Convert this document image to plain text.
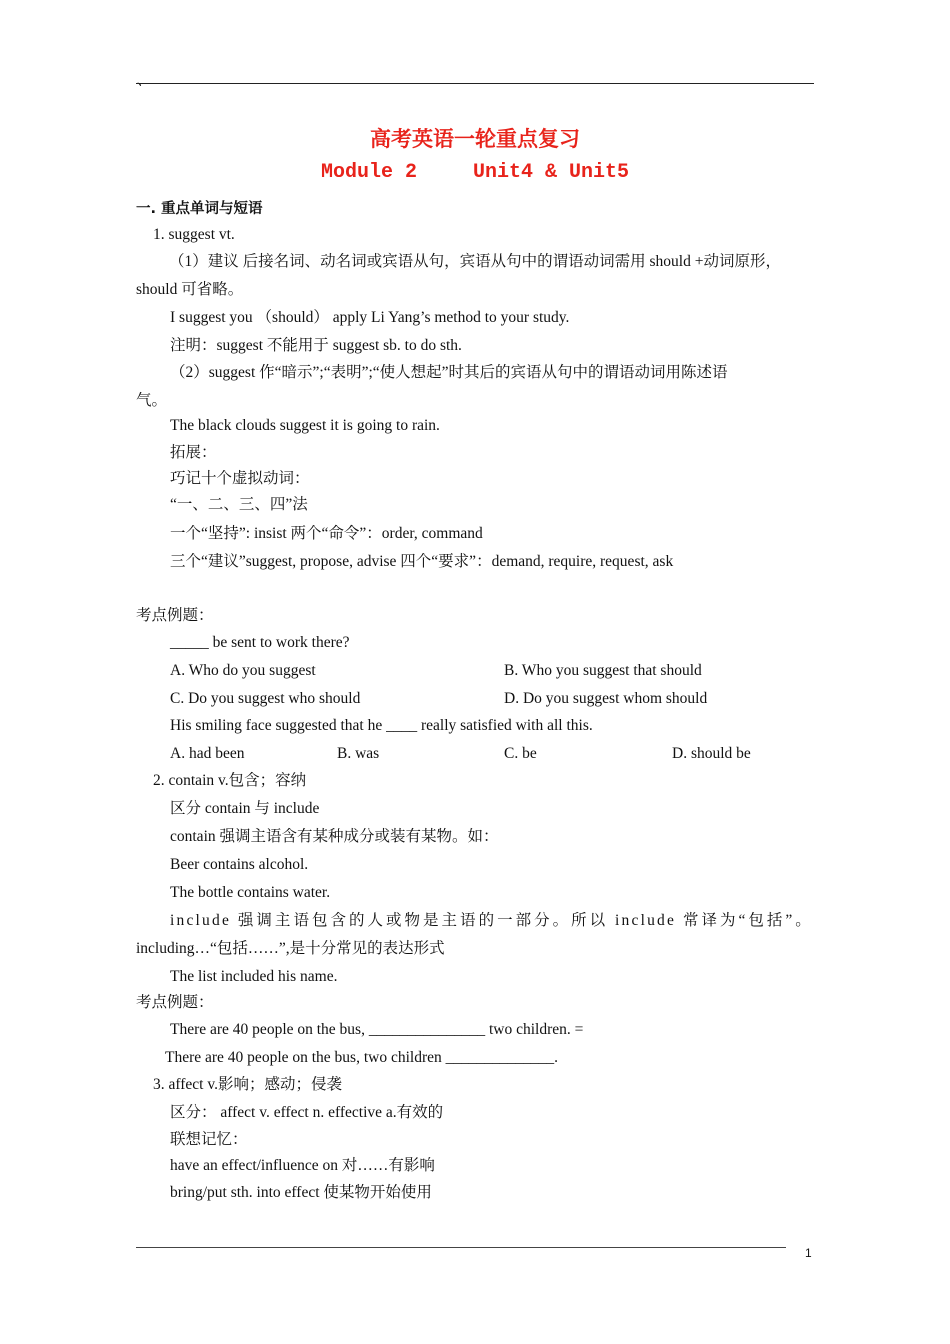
、
高考英语一轮重点复习
Module 2	Unit4 & Unit5
一. 重点单词与短语
1. suggest vt.
（1）建议 后接名词、动名词或宾语从句，宾语从句中的谓语动词需用 should +动词原形，
should 可省略。
I suggest you （should） apply Li Yang’s method to your study.
注明：suggest 不能用于 suggest sb. to do sth.
（2）suggest 作“暗示”;“表明”;“使人想起”时其后的宾语从句中的谓语动词用陈述语
气。
The black clouds suggest it is going to rain.
拓展：
巧记十个虚拟动词：
“一、二、三、四”法
一个“坚持”: insist 两个“命令”：order, command
三个“建议”suggest, propose, advise 四个“要求”：demand, require, request, ask
考点例题：
_____ be sent to work there?
A. Who do you suggest	B. Who you suggest that should
C. Do you suggest who should	D. Do you suggest whom should
His smiling face suggested that he ____ really satisfied with all this.
A. had been	B. was	C. be	D. should be
2. contain v.包含；容纳
区分 contain 与 include
contain 强调主语含有某种成分或装有某物。如：
Beer contains alcohol.
The bottle contains water.
include 强调主语包含的人或物是主语的一部分。所以 include 常译为“包括”。
including…“包括……”,是十分常见的表达形式
The list included his name.
考点例题：
There are 40 people on the bus, _______________ two children. =
There are 40 people on the bus, two children ______________.
3. affect v.影响；感动；侵袭
区分： affect v. effect n. effective a.有效的
联想记忆：
have an effect/influence on 对……有影响
bring/put sth. into effect 使某物开始使用
1
